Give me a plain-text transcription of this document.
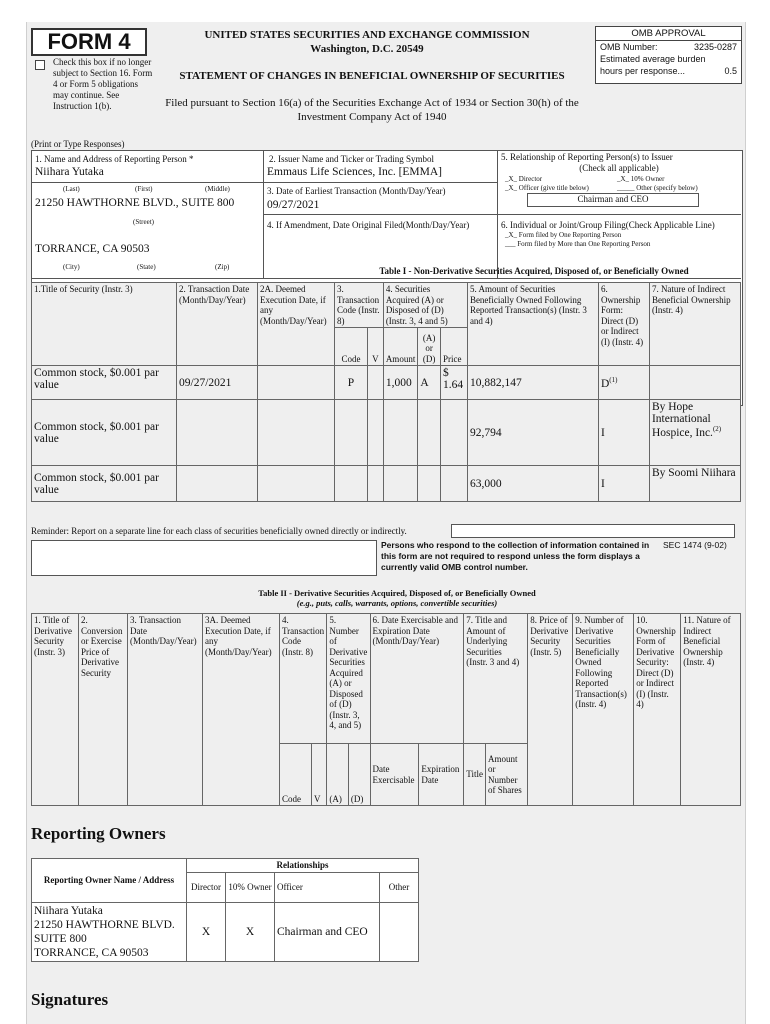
FORM 4
Check this box if no longer subject to Section 16. Form 4 or Form 5 obligations may continue. See Instruction 1(b).
UNITED STATES SECURITIES AND EXCHANGE COMMISSION
Washington, D.C. 20549
STATEMENT OF CHANGES IN BENEFICIAL OWNERSHIP OF SECURITIES
Filed pursuant to Section 16(a) of the Securities Exchange Act of 1934 or Section 30(h) of the Investment Company Act of 1940
OMB APPROVAL
OMB Number:	3235-0287
Estimated average burden
hours per response...	0.5
(Print or Type Responses)
1. Name and Address of Reporting Person *
Niihara Yutaka
(Last)	(First)	(Middle)
21250 HAWTHORNE BLVD., SUITE 800
(Street)
TORRANCE, CA 90503
(City)	(State)	(Zip)
2. Issuer Name and Ticker or Trading Symbol
Emmaus Life Sciences, Inc. [EMMA]
3. Date of Earliest Transaction (Month/Day/Year)
09/27/2021
4. If Amendment, Date Original Filed(Month/Day/Year)
5. Relationship of Reporting Person(s) to Issuer
(Check all applicable)
_X_ Director	_X_ 10% Owner
_X_ Officer (give title below)	_____ Other (specify below)
Chairman and CEO
6. Individual or Joint/Group Filing(Check Applicable Line)
_X_ Form filed by One Reporting Person
___ Form filed by More than One Reporting Person
Table I - Non-Derivative Securities Acquired, Disposed of, or Beneficially Owned
1.Title of Security (Instr. 3)	2. Transaction Date (Month/Day/Year)	2A. Deemed Execution Date, if any (Month/Day/Year)	3. Transaction Code (Instr. 8)		4. Securities Acquired (A) or Disposed of (D) (Instr. 3, 4 and 5)			5. Amount of Securities Beneficially Owned Following Reported Transaction(s) (Instr. 3 and 4)	6. Ownership Form: Direct (D) or Indirect (I) (Instr. 4)	7. Nature of Indirect Beneficial Ownership (Instr. 4)
			Code	V	Amount	(A) or (D)	Price			
Common stock, $0.001 par value	09/27/2021		P		1,000	A	$ 1.64	10,882,147	$D^{(1)}$	
Common stock, $0.001 par value								92,794	I	By Hope International Hospice, Inc.$^{(2)}$
Common stock, $0.001 par value								63,000	I	By Soomi Niihara
Reminder: Report on a separate line for each class of securities beneficially owned directly or indirectly.
Persons who respond to the collection of information contained in this form are not required to respond unless the form displays a currently valid OMB control number.
SEC 1474 (9-02)
Table II - Derivative Securities Acquired, Disposed of, or Beneficially Owned
(e.g., puts, calls, warrants, options, convertible securities)
1. Title of Derivative Security (Instr. 3)	2. Conversion or Exercise Price of Derivative Security	3. Transaction Date (Month/Day/Year)	3A. Deemed Execution Date, if any (Month/Day/Year)	4. Transaction Code (Instr. 8)		5. Number of Derivative Securities Acquired (A) or Disposed of (D) (Instr. 3, 4, and 5)		6. Date Exercisable and Expiration Date (Month/Day/Year)		7. Title and Amount of Underlying Securities (Instr. 3 and 4)		8. Price of Derivative Security (Instr. 5)	9. Number of Derivative Securities Beneficially Owned Following Reported Transaction(s) (Instr. 4)	10. Ownership Form of Derivative Security: Direct (D) or Indirect (I) (Instr. 4)	11. Nature of Indirect Beneficial Ownership (Instr. 4)
				Code	V	(A)	(D)	Date Exercisable	Expiration Date	Title	Amount or Number of Shares				
Reporting Owners
Reporting Owner Name / Address	Relationships			
	Director	10% Owner	Officer	Other

Niihara Yutaka
21250 HAWTHORNE BLVD.
SUITE 800
TORRANCE, CA 90503	X	X	Chairman and CEO	
Signatures
